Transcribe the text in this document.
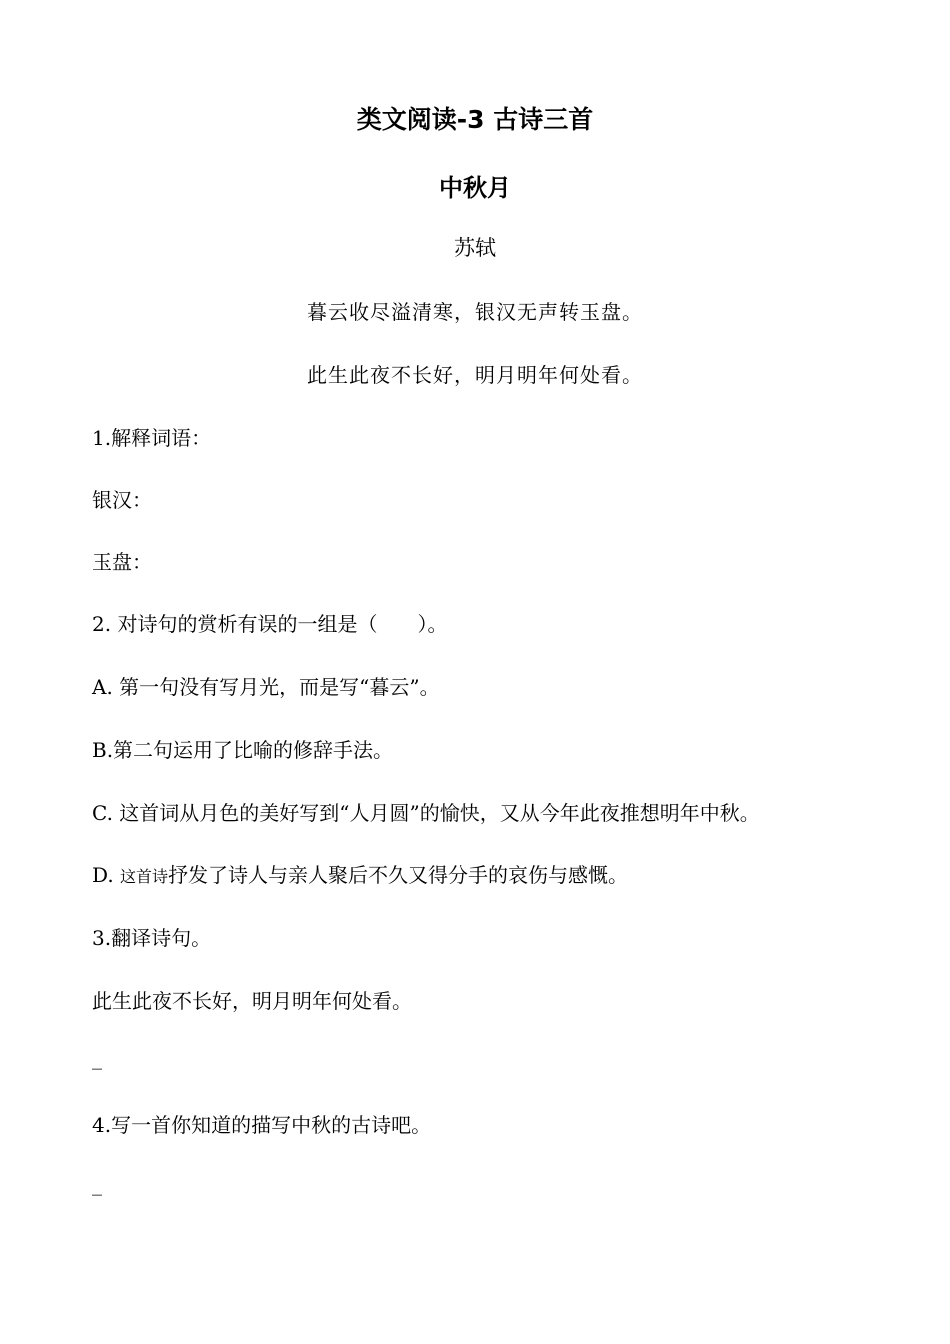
类文阅读-3 古诗三首
中秋月
苏轼
暮云收尽溢清寒，银汉无声转玉盘。
此生此夜不长好，明月明年何处看。
1.解释词语：
银汉：
玉盘：
2. 对诗句的赏析有误的一组是（　　）。
A. 第一句没有写月光，而是写“暮云”。
B.第二句运用了比喻的修辞手法。
C. 这首词从月色的美好写到“人月圆”的愉快，又从今年此夜推想明年中秋。
D. 这首诗抒发了诗人与亲人聚后不久又得分手的哀伤与感慨。
3.翻译诗句。
此生此夜不长好，明月明年何处看。
_
4.写一首你知道的描写中秋的古诗吧。
_
